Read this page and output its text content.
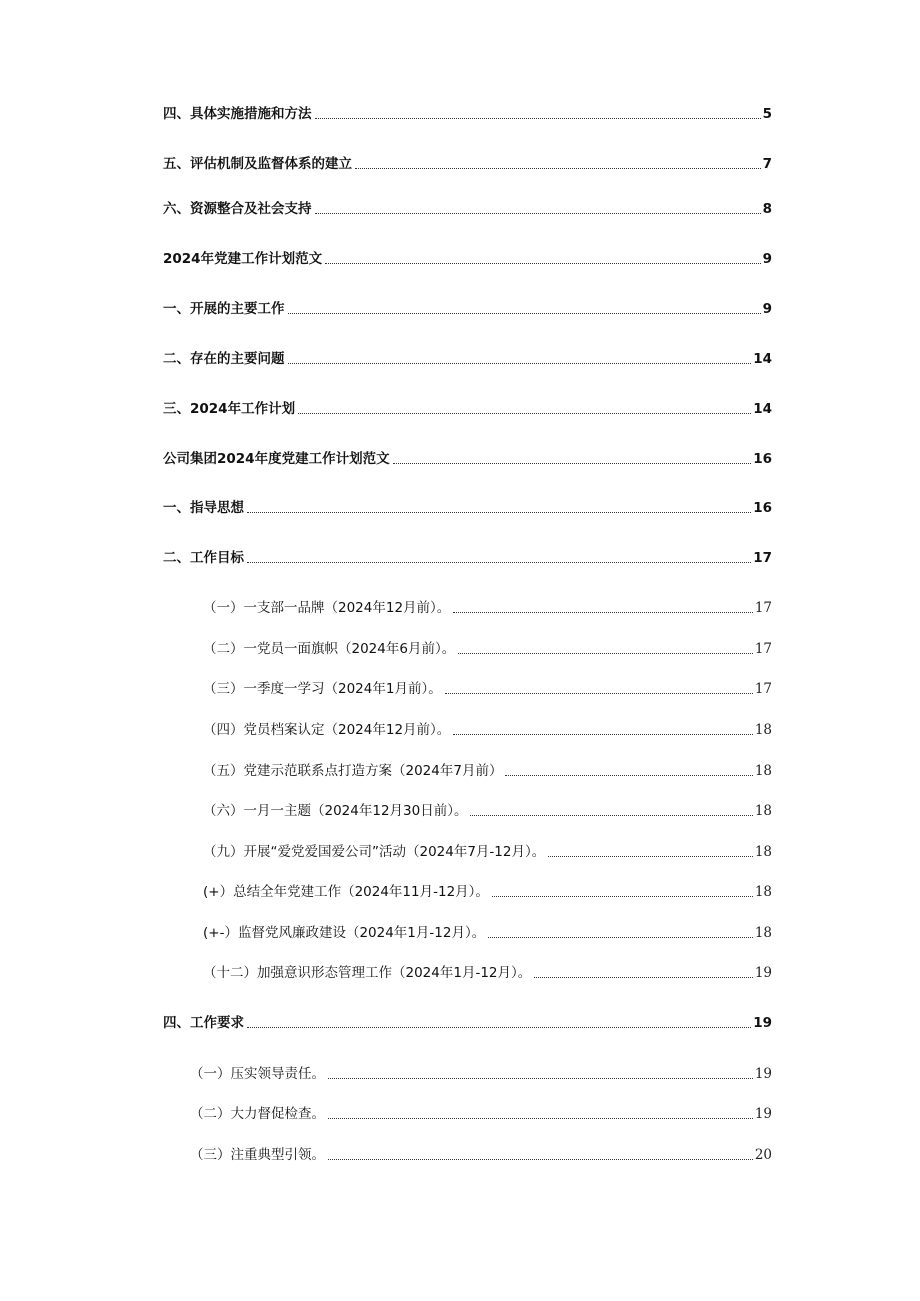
四、具体实施措施和方法	5
五、评估机制及监督体系的建立	7
六、资源整合及社会支持	8
2024年党建工作计划范文	9
一、开展的主要工作	9
二、存在的主要问题	14
三、2024年工作计划	14
公司集团2024年度党建工作计划范文	16
一、指导思想	16
二、工作目标	17
（一）一支部一品牌（2024年12月前）。	17
（二）一党员一面旗帜（2024年6月前）。	17
（三）一季度一学习（2024年1月前）。	17
（四）党员档案认定（2024年12月前）。	18
（五）党建示范联系点打造方案（2024年7月前）	18
（六）一月一主题（2024年12月30日前）。	18
（九）开展“爱党爱国爱公司”活动（2024年7月-12月）。	18
(+）总结全年党建工作（2024年11月-12月）。	18
(+-）监督党风廉政建设（2024年1月-12月）。	18
（十二）加强意识形态管理工作（2024年1月-12月）。	19
四、工作要求	19
（一）压实领导责任。	19
（二）大力督促检查。	19
（三）注重典型引领。	20
